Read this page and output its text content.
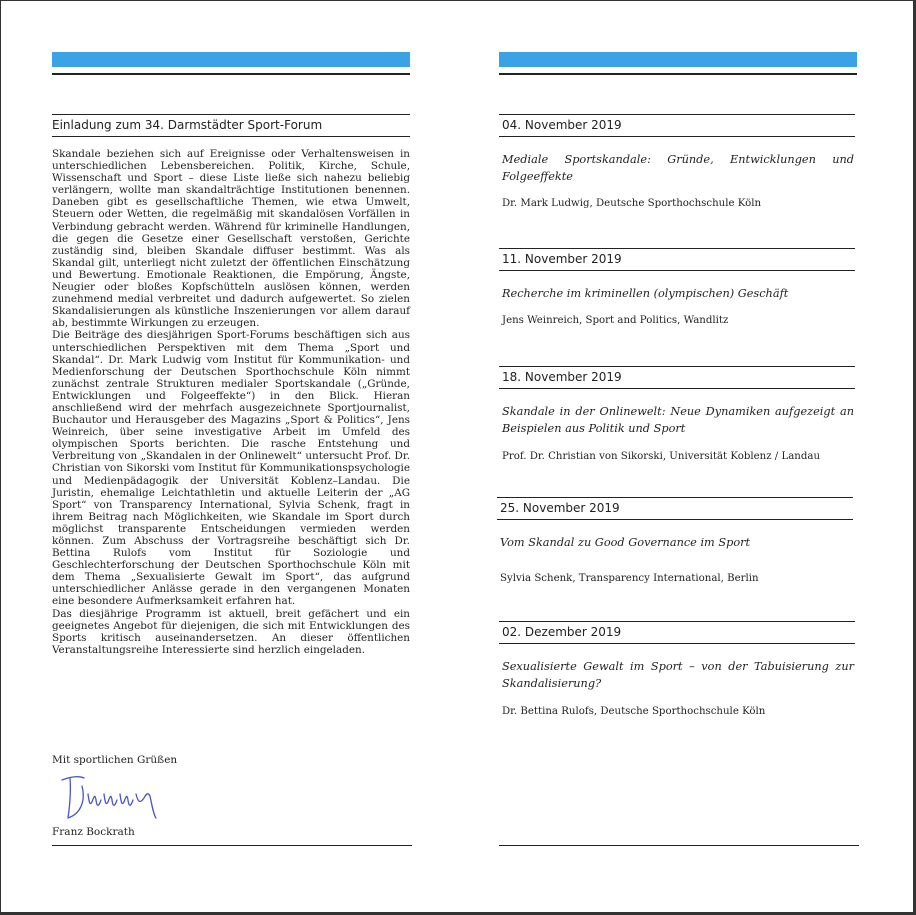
Einladung zum 34. Darmstädter Sport-Forum

Skandale beziehen sich auf Ereignisse oder Verhaltensweisen in unterschiedlichen Lebensbereichen. Politik, Kirche, Schule, Wissenschaft und Sport – diese Liste ließe sich nahezu beliebig verlängern, wollte man skandalträchtige Institutionen benennen. Daneben gibt es gesellschaftliche Themen, wie etwa Umwelt, Steuern oder Wetten, die regelmäßig mit skandalösen Vorfällen in Verbindung gebracht werden. Während für kriminelle Handlungen, die gegen die Gesetze einer Gesellschaft verstoßen, Gerichte zuständig sind, bleiben Skandale diffuser bestimmt. Was als Skandal gilt, unterliegt nicht zuletzt der öffentlichen Einschätzung und Bewertung. Emotionale Reaktionen, die Empörung, Ängste, Neugier oder bloßes Kopfschütteln auslösen können, werden zunehmend medial verbreitet und dadurch aufgewertet. So zielen Skandalisierungen als künstliche Inszenierungen vor allem darauf ab, bestimmte Wirkungen zu erzeugen.

Die Beiträge des diesjährigen Sport-Forums beschäftigen sich aus unterschiedlichen Perspektiven mit dem Thema „Sport und Skandal“. Dr. Mark Ludwig vom Institut für Kommunikation- und Medienforschung der Deutschen Sporthochschule Köln nimmt zunächst zentrale Strukturen medialer Sportskandale („Gründe, Entwicklungen und Folgeeffekte“) in den Blick. Hieran anschließend wird der mehrfach ausgezeichnete Sportjournalist, Buchautor und Herausgeber des Magazins „Sport & Politics“, Jens Weinreich, über seine investigative Arbeit im Umfeld des olympischen Sports berichten. Die rasche Entstehung und Verbreitung von „Skandalen in der Onlinewelt“ untersucht Prof. Dr. Christian von Sikorski vom Institut für Kommunikationspsychologie und Medienpädagogik der Universität Koblenz–Landau. Die Juristin, ehemalige Leichtathletin und aktuelle Leiterin der „AG Sport“ von Transparency International, Sylvia Schenk, fragt in ihrem Beitrag nach Möglichkeiten, wie Skandale im Sport durch möglichst transparente Entscheidungen vermieden werden können. Zum Abschuss der Vortragsreihe beschäftigt sich Dr. Bettina Rulofs vom Institut für Soziologie und Geschlechterforschung der Deutschen Sporthochschule Köln mit dem Thema „Sexualisierte Gewalt im Sport“, das aufgrund unterschiedlicher Anlässe gerade in den vergangenen Monaten eine besondere Aufmerksamkeit erfahren hat.

Das diesjährige Programm ist aktuell, breit gefächert und ein geeignetes Angebot für diejenigen, die sich mit Entwicklungen des Sports kritisch auseinandersetzen. An dieser öffentlichen Veranstaltungsreihe Interessierte sind herzlich eingeladen.

Mit sportlichen Grüßen
Franz Bockrath
04. November 2019
Mediale Sportskandale: Gründe, Entwicklungen und Folgeeffekte
Dr. Mark Ludwig, Deutsche Sporthochschule Köln
11. November 2019
Recherche im kriminellen (olympischen) Geschäft
Jens Weinreich, Sport and Politics, Wandlitz
18. November 2019
Skandale in der Onlinewelt: Neue Dynamiken aufgezeigt an Beispielen aus Politik und Sport
Prof. Dr. Christian von Sikorski, Universität Koblenz / Landau
25. November 2019
Vom Skandal zu Good Governance im Sport
Sylvia Schenk, Transparency International, Berlin
02. Dezember 2019
Sexualisierte Gewalt im Sport – von der Tabuisierung zur Skandalisierung?
Dr. Bettina Rulofs, Deutsche Sporthochschule Köln
